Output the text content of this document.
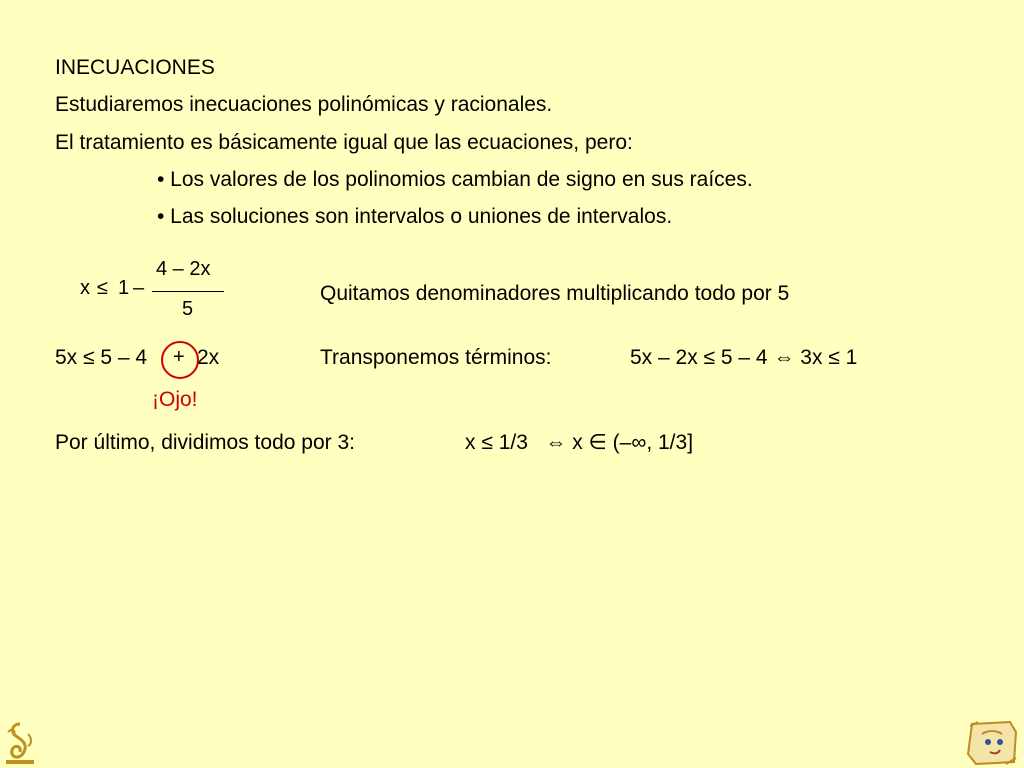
INECUACIONES
Estudiaremos inecuaciones polinómicas y racionales.
El tratamiento es básicamente igual que las ecuaciones, pero:
• Los valores de los polinomios cambian de signo en sus raíces.
• Las soluciones son intervalos o uniones de intervalos.
x ≤ 1 –
4 – 2x
5
Quitamos denominadores multiplicando todo por 5
5x ≤ 5 – 4 2x
+	Transponemos términos:	5x – 2x ≤ 5 – 4 ⇔ 3x ≤ 1
¡Ojo!
Por último, dividimos todo por 3:	x ≤ 1/3   ⇔ x ∈ (–∞, 1/3]
